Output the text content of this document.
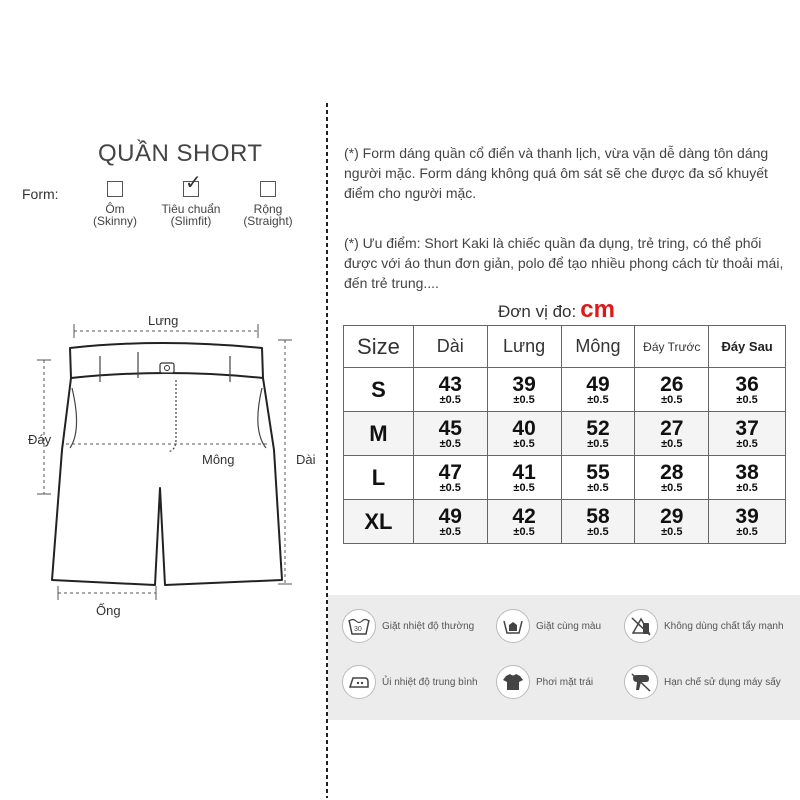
QUẦN SHORT
Form:
Ôm
(Skinny)
✓
Tiêu chuẩn
(Slimfit)
Rộng
(Straight)
Lưng
Đáy
Mông	Dài
Ống
(*) Form dáng quần cổ điển và thanh lịch, vừa vặn dễ dàng tôn dáng người mặc. Form dáng không quá ôm sát sẽ che được đa số khuyết điểm cho người mặc.
(*) Ưu điểm: Short Kaki là chiếc quần đa dụng, trẻ tring, có thể phối được với áo thun đơn giản, polo để tạo nhiều phong cách từ thoải mái, đến trẻ trung....
Đơn vị đo: cm
Size	Dài	Lưng	Mông	Đáy Trước	Đáy Sau
S	43
±0.5	39
±0.5	49
±0.5	26
±0.5	36
±0.5

M	45
±0.5	40
±0.5	52
±0.5	27
±0.5	37
±0.5

L	47
±0.5	41
±0.5	55
±0.5	28
±0.5	38
±0.5

XL	49
±0.5	42
±0.5	58
±0.5	29
±0.5	39
±0.5
30 Giặt nhiệt độ thường	Giặt cùng màu	Không dùng chất tẩy mạnh
Ủi nhiệt độ trung bình	Phơi mặt trái	Hạn chế sử dụng máy sấy
